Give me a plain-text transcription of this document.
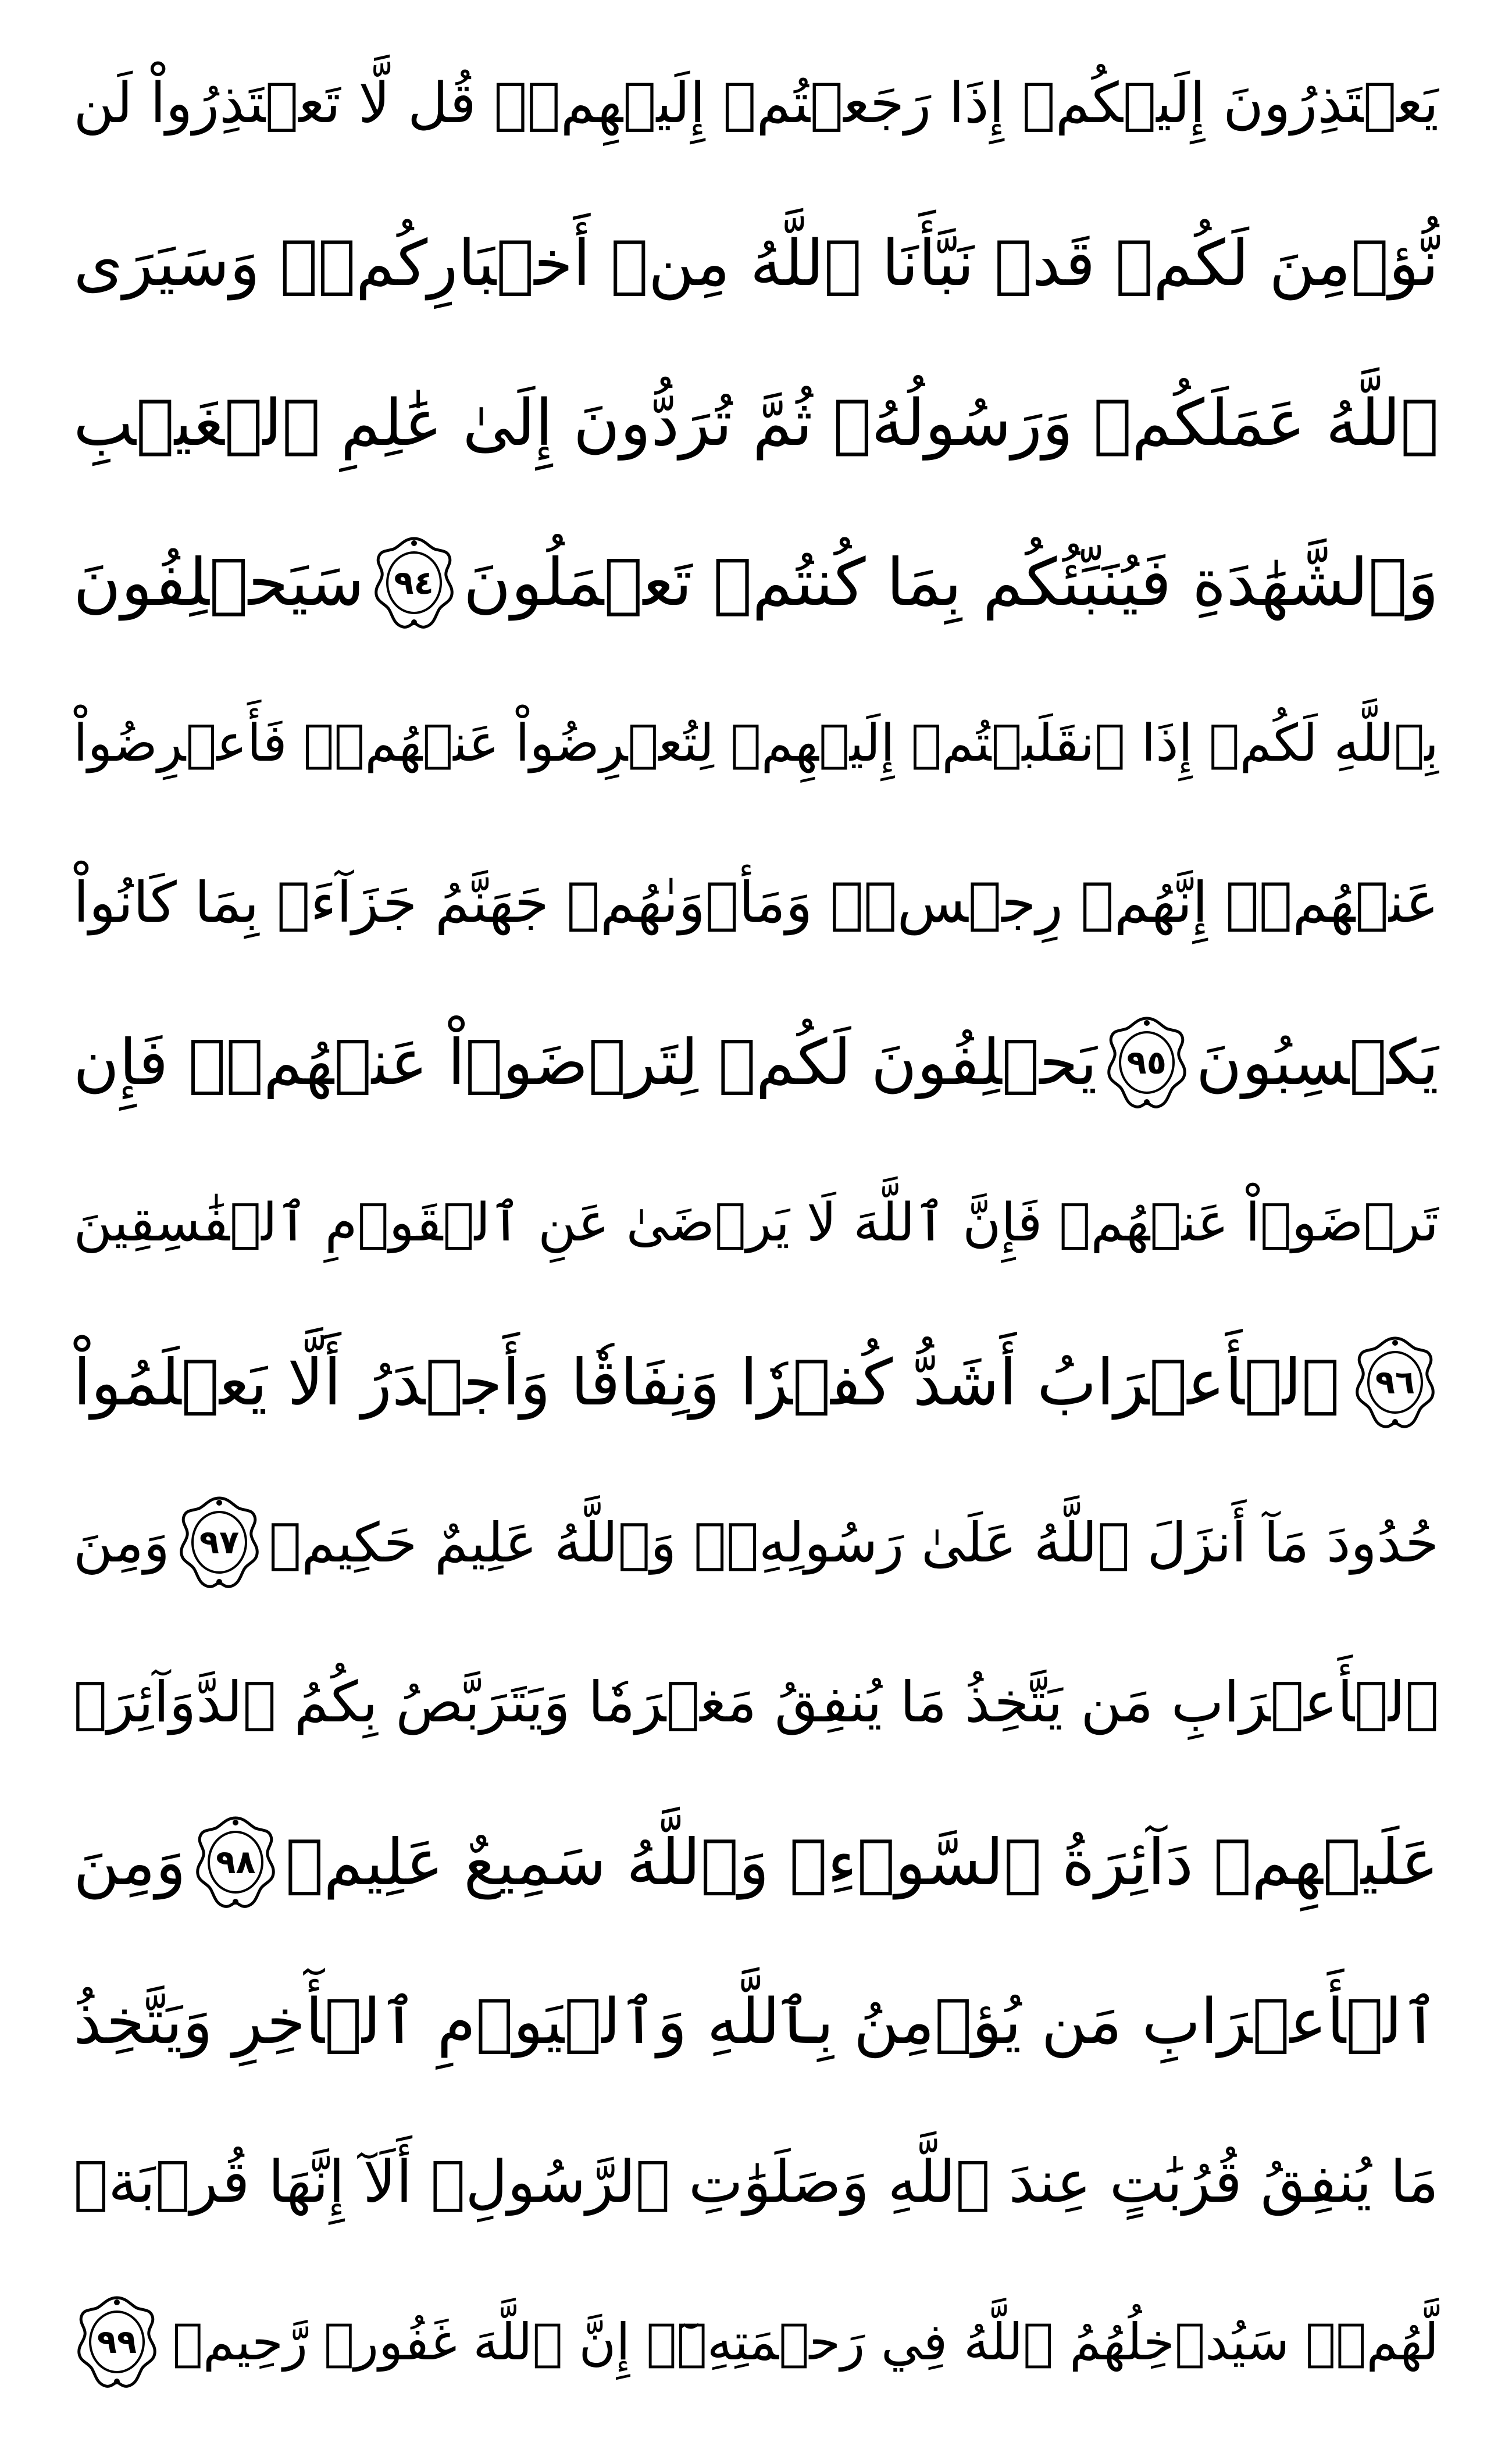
يَعۡتَذِرُونَ إِلَيۡكُمۡ إِذَا رَجَعۡتُمۡ إِلَيۡهِمۡۚ قُل لَّا تَعۡتَذِرُواْ لَن
نُّؤۡمِنَ لَكُمۡ قَدۡ نَبَّأَنَا ٱللَّهُ مِنۡ أَخۡبَارِكُمۡۚ وَسَيَرَى
ٱللَّهُ عَمَلَكُمۡ وَرَسُولُهُۥ ثُمَّ تُرَدُّونَ إِلَىٰ عَٰلِمِ ٱلۡغَيۡبِ
وَٱلشَّهَٰدَةِ فَيُنَبِّئُكُم بِمَا كُنتُمۡ تَعۡمَلُونَ
٩٤
سَيَحۡلِفُونَ
بِٱللَّهِ لَكُمۡ إِذَا ٱنقَلَبۡتُمۡ إِلَيۡهِمۡ لِتُعۡرِضُواْ عَنۡهُمۡۖ فَأَعۡرِضُواْ
عَنۡهُمۡۖ إِنَّهُمۡ رِجۡسٞۖ وَمَأۡوَىٰهُمۡ جَهَنَّمُ جَزَآءَۢ بِمَا كَانُواْ
يَكۡسِبُونَ
٩٥
يَحۡلِفُونَ لَكُمۡ لِتَرۡضَوۡاْ عَنۡهُمۡۖ فَإِن
تَرۡضَوۡاْ عَنۡهُمۡ فَإِنَّ ٱللَّهَ لَا يَرۡضَىٰ عَنِ ٱلۡقَوۡمِ ٱلۡفَٰسِقِينَ
٩٦
ٱلۡأَعۡرَابُ أَشَدُّ كُفۡرٗا وَنِفَاقٗا وَأَجۡدَرُ أَلَّا يَعۡلَمُواْ
حُدُودَ مَآ أَنزَلَ ٱللَّهُ عَلَىٰ رَسُولِهِۦۗ وَٱللَّهُ عَلِيمٌ حَكِيمٞ
٩٧
وَمِنَ
ٱلۡأَعۡرَابِ مَن يَتَّخِذُ مَا يُنفِقُ مَغۡرَمٗا وَيَتَرَبَّصُ بِكُمُ ٱلدَّوَآئِرَۚ
عَلَيۡهِمۡ دَآئِرَةُ ٱلسَّوۡءِۗ وَٱللَّهُ سَمِيعٌ عَلِيمٞ
٩٨
وَمِنَ
ٱلۡأَعۡرَابِ مَن يُؤۡمِنُ بِٱللَّهِ وَٱلۡيَوۡمِ ٱلۡأٓخِرِ وَيَتَّخِذُ
مَا يُنفِقُ قُرُبَٰتٍ عِندَ ٱللَّهِ وَصَلَوَٰتِ ٱلرَّسُولِۚ أَلَآ إِنَّهَا قُرۡبَةٞ
لَّهُمۡۚ سَيُدۡخِلُهُمُ ٱللَّهُ فِي رَحۡمَتِهِۦٓۚ إِنَّ ٱللَّهَ غَفُورٞ رَّحِيمٞ
٩٩
